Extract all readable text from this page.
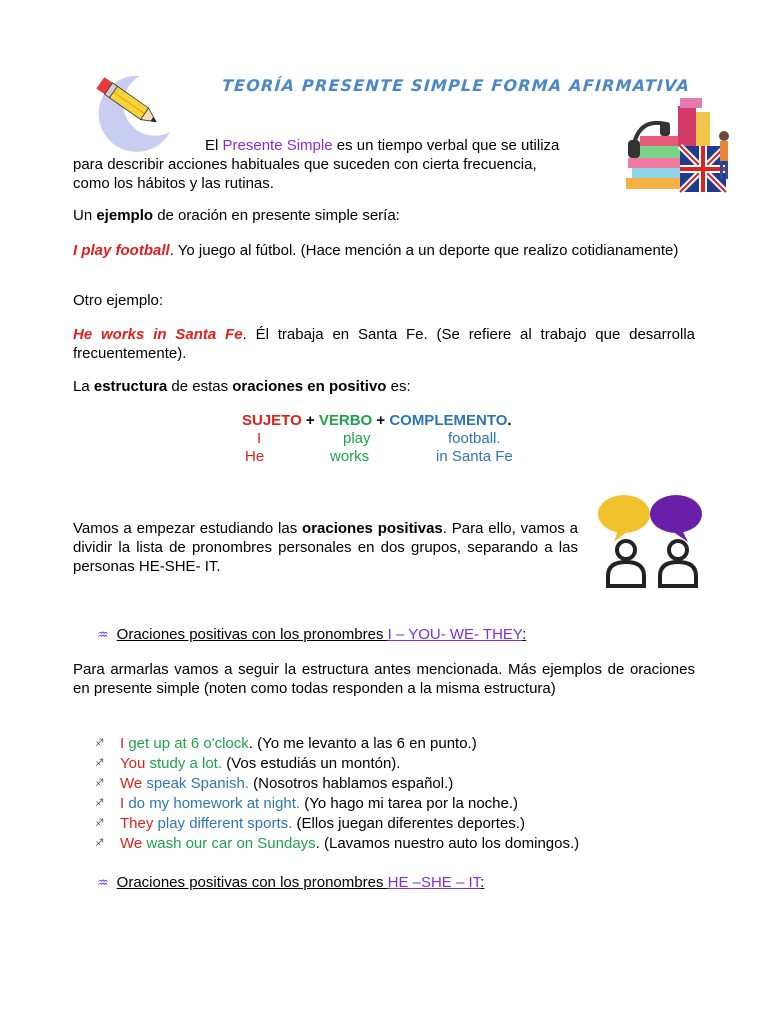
TEORÍA PRESENTE SIMPLE FORMA AFIRMATIVA
El Presente Simple es un tiempo verbal que se utiliza
para describir acciones habituales que suceden con cierta frecuencia, como los hábitos y las rutinas.
Un ejemplo de oración en presente simple sería:
I play football. Yo juego al fútbol. (Hace mención a un deporte que realizo cotidianamente)
Otro ejemplo:
He works in Santa Fe. Él trabaja en Santa Fe. (Se refiere al trabajo que desarrolla frecuentemente).
La estructura de estas oraciones en positivo es:
SUJETO + VERBO + COMPLEMENTO.
I	play	football.
He	works	in Santa Fe
Vamos a empezar estudiando las oraciones positivas. Para ello, vamos a dividir la lista de pronombres personales en dos grupos, separando a las personas HE-SHE- IT.
♒ Oraciones positivas con los pronombres I – YOU- WE- THEY:
Para armarlas vamos a seguir la estructura antes mencionada. Más ejemplos de oraciones en presente simple (noten como todas responden a la misma estructura)
♐ I get up at 6 o'clock. (Yo me levanto a las 6 en punto.)
♐ You study a lot. (Vos estudiás un montón).
♐ We speak Spanish. (Nosotros hablamos español.)
♐ I do my homework at night. (Yo hago mi tarea por la noche.)
♐ They play different sports. (Ellos juegan diferentes deportes.)
♐ We wash our car on Sundays. (Lavamos nuestro auto los domingos.)
♒ Oraciones positivas con los pronombres HE –SHE – IT:
